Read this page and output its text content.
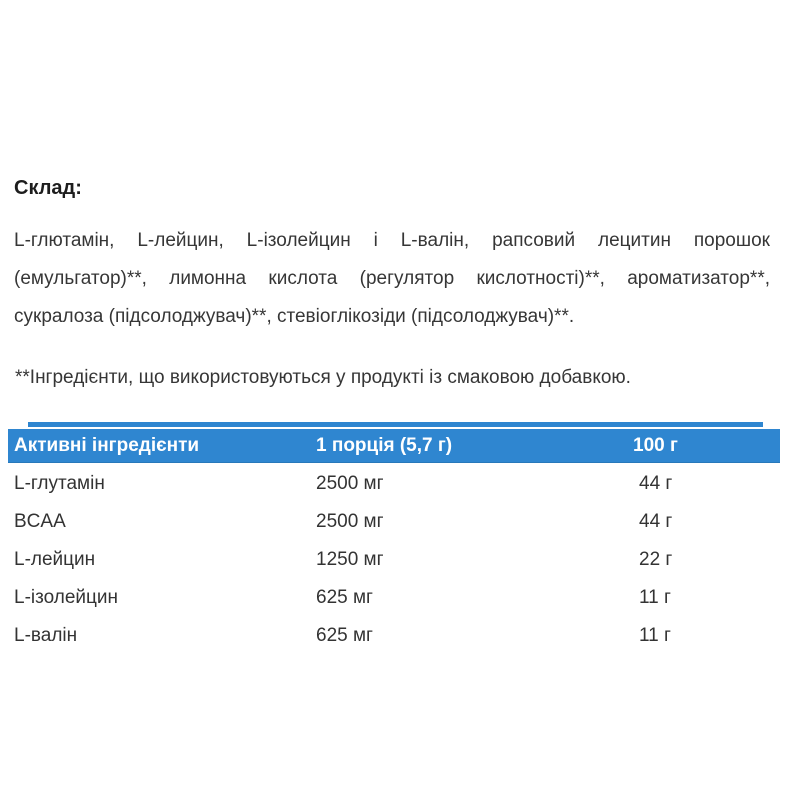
Склад:
L-глютамін, L-лейцин, L-ізолейцин і L-валін, рапсовий лецитин порошок
(емульгатор)**, лимонна кислота (регулятор кислотності)**, ароматизатор**,
сукралоза (підсолоджувач)**, стевіоглікозіди (підсолоджувач)**.
**Інгредієнти, що використовуються у продукті із смаковою добавкою.
Активні інгредієнти	1 порція (5,7 г)	100 г
L-глутамін	2500 мг	44 г
BCAA	2500 мг	44 г
L-лейцин	1250 мг	22 г
L-ізолейцин	625 мг	11 г
L-валін	625 мг	11 г
